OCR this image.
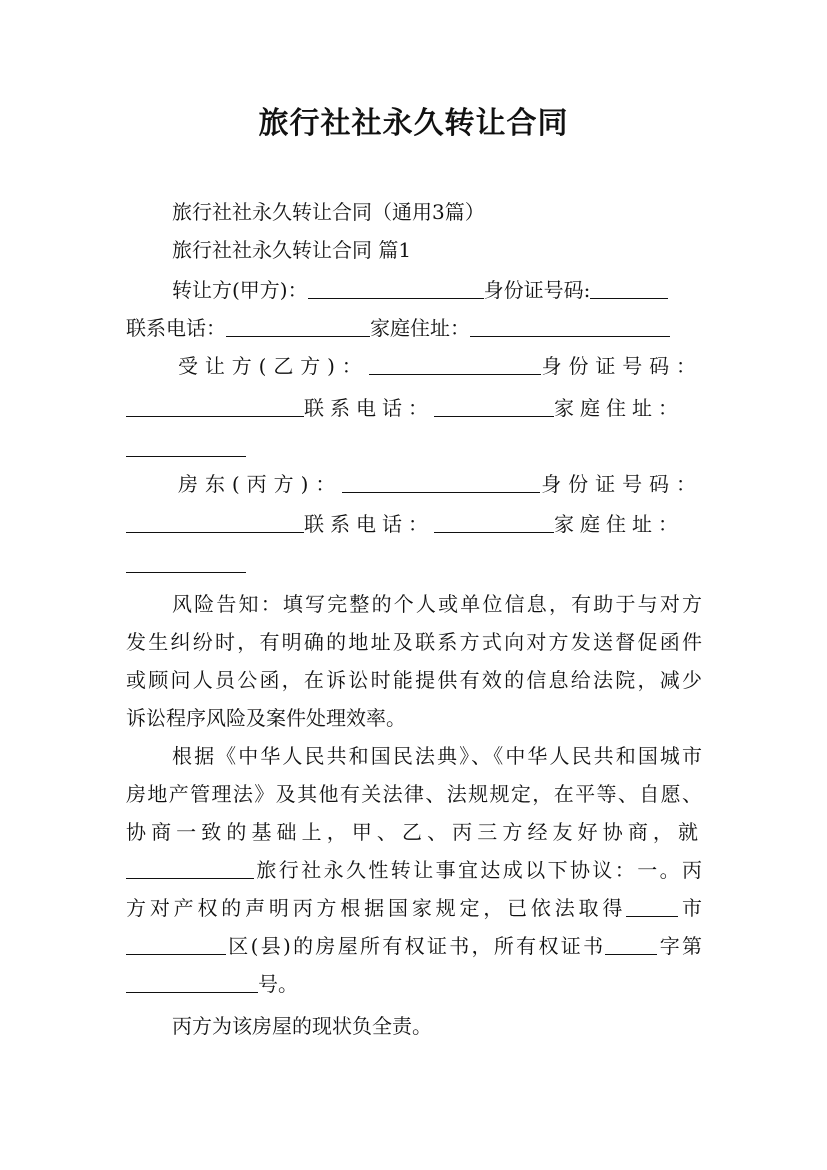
旅行社社永久转让合同
旅行社社永久转让合同（通用3篇）
旅行社社永久转让合同 篇1
转让方(甲方)：	身份证号码:
联系电话：	家庭住址：
受让方(乙方)：	身份证号码：
联系电话：	家庭住址：
房东(丙方)：	身份证号码：
联系电话：	家庭住址：
风险告知：填写完整的个人或单位信息，有助于与对方
发生纠纷时，有明确的地址及联系方式向对方发送督促函件
或顾问人员公函，在诉讼时能提供有效的信息给法院，减少
诉讼程序风险及案件处理效率。
根据《中华人民共和国民法典》、《中华人民共和国城市
房地产管理法》及其他有关法律、法规规定，在平等、自愿、
协商一致的基础上，甲、乙、丙三方经友好协商，就
旅行社永久性转让事宜达成以下协议：一。丙
方对产权的声明丙方根据国家规定，已依法取得	市
区(县)的房屋所有权证书，所有权证书	字第
号。
丙方为该房屋的现状负全责。
